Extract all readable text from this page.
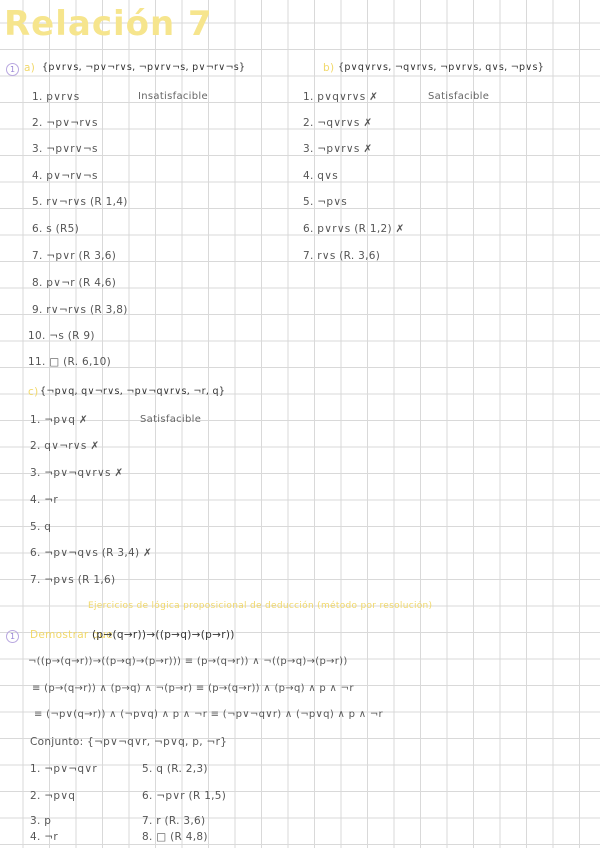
Relación 7
1 a) {p∨r∨s, ¬p∨¬r∨s, ¬p∨r∨¬s, p∨¬r∨¬s}	b) {p∨q∨r∨s, ¬q∨r∨s, ¬p∨r∨s, q∨s, ¬p∨s}
1. p∨r∨s	Insatisfacible
2. ¬p∨¬r∨s
3. ¬p∨r∨¬s
4. p∨¬r∨¬s
5. r∨¬r∨s (R 1,4)
6. s (R5)
7. ¬p∨r (R 3,6)
8. p∨¬r (R 4,6)
9. r∨¬r∨s (R 3,8)
10. ¬s (R 9)
11. □ (R. 6,10)
1. p∨q∨r∨s ✗	Satisfacible
2. ¬q∨r∨s ✗
3. ¬p∨r∨s ✗
4. q∨s
5. ¬p∨s
6. p∨r∨s (R 1,2) ✗
7. r∨s (R. 3,6)
c) {¬p∨q, q∨¬r∨s, ¬p∨¬q∨r∨s, ¬r, q}
1. ¬p∨q ✗	Satisfacible
2. q∨¬r∨s ✗
3. ¬p∨¬q∨r∨s ✗
4. ¬r
5. q
6. ¬p∨¬q∨s (R 3,4) ✗
7. ¬p∨s (R 1,6)
Ejercicios de lógica proposicional de deducción (método por resolución)
1	Demostrar que
(p→(q→r))→((p→q)→(p→r))
¬((p→(q→r))→((p→q)→(p→r))) ≡ (p→(q→r)) ∧ ¬((p→q)→(p→r))
≡ (p→(q→r)) ∧ (p→q) ∧ ¬(p→r) ≡ (p→(q→r)) ∧ (p→q) ∧ p ∧ ¬r
≡ (¬p∨(q→r)) ∧ (¬p∨q) ∧ p ∧ ¬r ≡ (¬p∨¬q∨r) ∧ (¬p∨q) ∧ p ∧ ¬r
Conjunto: {¬p∨¬q∨r, ¬p∨q, p, ¬r}
1. ¬p∨¬q∨r
2. ¬p∨q
3. p
4. ¬r
5. q (R. 2,3)
6. ¬p∨r (R 1,5)
7. r (R. 3,6)
8. □ (R 4,8)
